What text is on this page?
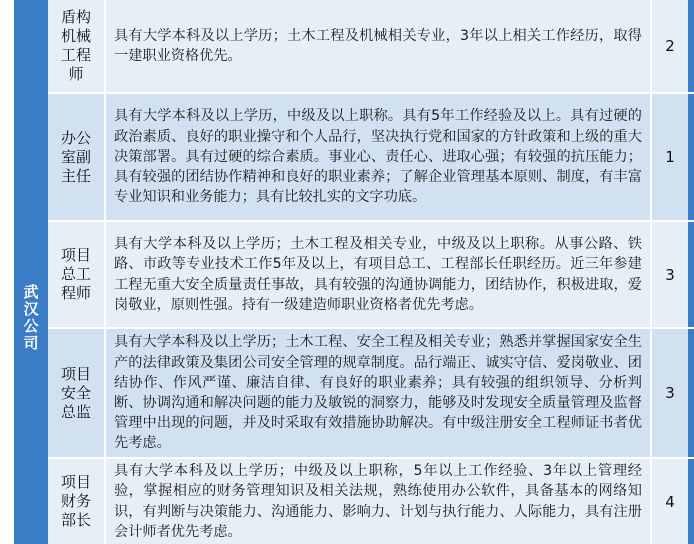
武汉公司
盾构机械工程师
具有大学本科及以上学历；土木工程及机械相关专业，3年以上相关工作经历，取得一建职业资格优先。
2
办公室副主任
具有大学本科及以上学历，中级及以上职称。具有5年工作经验及以上。具有过硬的政治素质、良好的职业操守和个人品行，坚决执行党和国家的方针政策和上级的重大决策部署。具有过硬的综合素质。事业心、责任心、进取心强；有较强的抗压能力；具有较强的团结协作精神和良好的职业素养；了解企业管理基本原则、制度，有丰富专业知识和业务能力；具有比较扎实的文字功底。
1
项目总工程师
具有大学本科及以上学历；土木工程及相关专业，中级及以上职称。从事公路、铁路、市政等专业技术工作5年及以上，有项目总工、工程部长任职经历。近三年参建工程无重大安全质量责任事故，具有较强的沟通协调能力，团结协作，积极进取，爱岗敬业，原则性强。持有一级建造师职业资格者优先考虑。
3
项目安全总监
具有大学本科及以上学历；土木工程、安全工程及相关专业；熟悉并掌握国家安全生产的法律政策及集团公司安全管理的规章制度。品行端正、诚实守信、爱岗敬业、团结协作、作风严谨、廉洁自律、有良好的职业素养；具有较强的组织领导、分析判断、协调沟通和解决问题的能力及敏锐的洞察力，能够及时发现安全质量管理及监督管理中出现的问题，并及时采取有效措施协助解决。有中级注册安全工程师证书者优先考虑。
3
项目财务部长
具有大学本科及以上学历；中级及以上职称，5年以上工作经验、3年以上管理经验，掌握相应的财务管理知识及相关法规，熟练使用办公软件，具备基本的网络知识，有判断与决策能力、沟通能力、影响力、计划与执行能力、人际能力，具有注册会计师者优先考虑。
4
